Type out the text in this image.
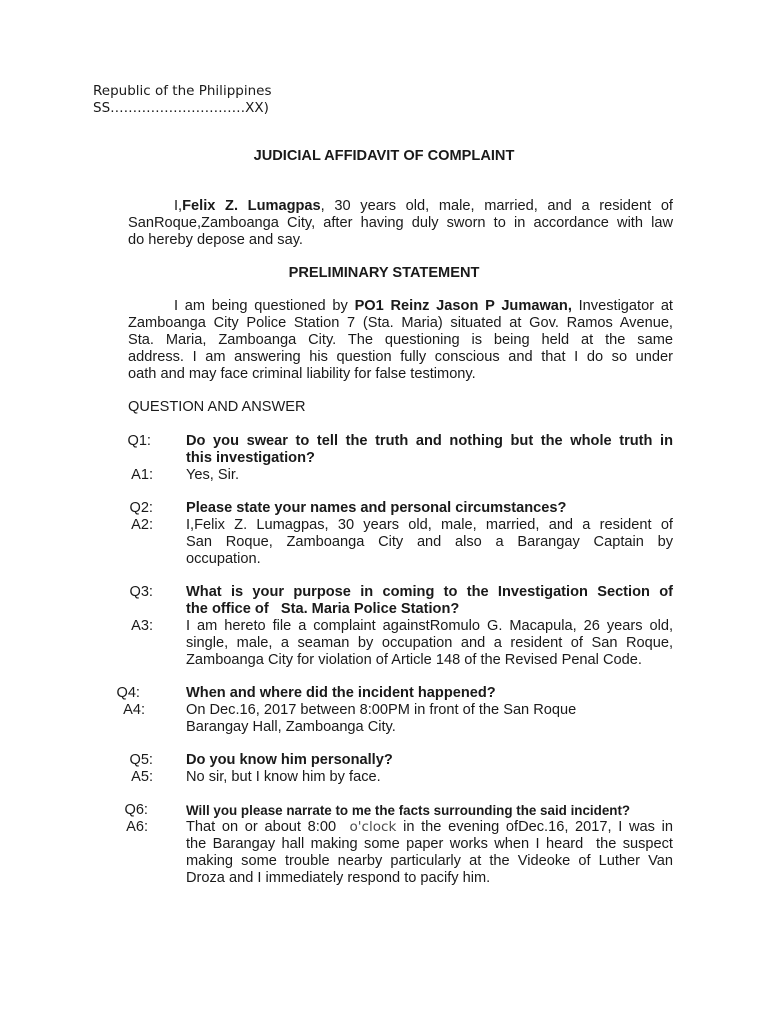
Republic of the Philippines
SS…………………………XX)
JUDICIAL AFFIDAVIT OF COMPLAINT
I,Felix Z. Lumagpas, 30 years old, male, married, and a resident of
SanRoque,Zamboanga City, after having duly sworn to in accordance with law
do hereby depose and say.
PRELIMINARY STATEMENT
I am being questioned by PO1 Reinz Jason P Jumawan, Investigator at
Zamboanga City Police Station 7 (Sta. Maria) situated at Gov. Ramos Avenue,
Sta. Maria, Zamboanga City. The questioning is being held at the same
address. I am answering his question fully conscious and that I do so under
oath and may face criminal liability for false testimony.
QUESTION AND ANSWER
Q1: Do you swear to tell the truth and nothing but the whole truth in
this investigation?
A1: Yes, Sir.
Q2: Please state your names and personal circumstances?
A2: I,Felix Z. Lumagpas, 30 years old, male, married, and a resident of
San Roque, Zamboanga City and also a Barangay Captain by
occupation.
Q3: What is your purpose in coming to the Investigation Section of
the office of   Sta. Maria Police Station?
A3: I am hereto file a complaint againstRomulo G. Macapula, 26 years old,
single, male, a seaman by occupation and a resident of San Roque,
Zamboanga City for violation of Article 148 of the Revised Penal Code.
Q4:	When and where did the incident happened?
A4:	On Dec.16, 2017 between 8:00PM in front of the San Roque
Barangay Hall, Zamboanga City.
Q5: Do you know him personally?
A5: No sir, but I know him by face.
Q6:	Will you please narrate to me the facts surrounding the said incident?
A6:	That on or about 8:00  o'clock in the evening ofDec.16, 2017, I was in
the Barangay hall making some paper works when I heard  the suspect
making some trouble nearby particularly at the Videoke of Luther Van
Droza and I immediately respond to pacify him.
